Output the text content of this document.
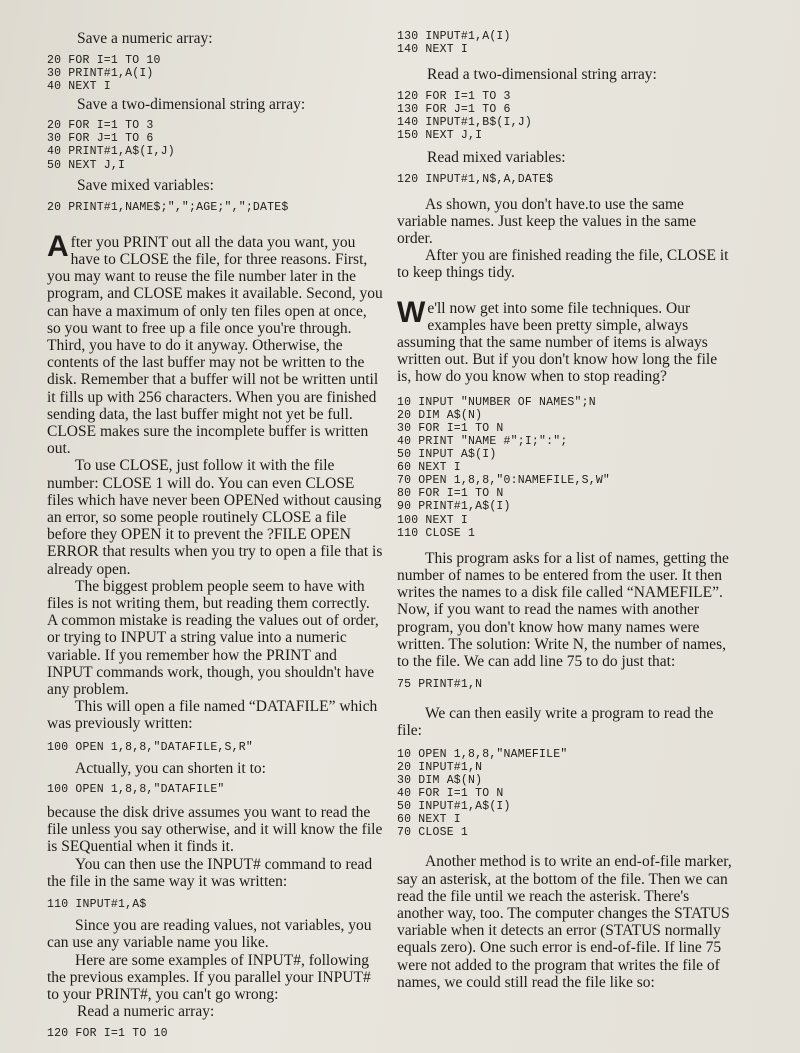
Save a numeric array:

20 FOR I=1 TO 10
30 PRINT#1,A(I)
40 NEXT I

Save a two-dimensional string array:

20 FOR I=1 TO 3
30 FOR J=1 TO 6
40 PRINT#1,A$(I,J)
50 NEXT J,I

Save mixed variables:

20 PRINT#1,NAME$;",";AGE;",";DATE$

After you PRINT out all the data you want, you have to CLOSE the file, for three reasons. First, you may want to reuse the file number later in the program, and CLOSE makes it available. Second, you can have a maximum of only ten files open at once, so you want to free up a file once you're through. Third, you have to do it anyway. Otherwise, the contents of the last buffer may not be written to the disk. Remember that a buffer will not be written until it fills up with 256 characters. When you are finished sending data, the last buffer might not yet be full. CLOSE makes sure the incomplete buffer is written out.

To use CLOSE, just follow it with the file number: CLOSE 1 will do. You can even CLOSE files which have never been OPENed without causing an error, so some people routinely CLOSE a file before they OPEN it to prevent the ?FILE OPEN ERROR that results when you try to open a file that is already open.

The biggest problem people seem to have with files is not writing them, but reading them correctly. A common mistake is reading the values out of order, or trying to INPUT a string value into a numeric variable. If you remember how the PRINT and INPUT commands work, though, you shouldn't have any problem.

This will open a file named “DATAFILE” which was previously written:

100 OPEN 1,8,8,"DATAFILE,S,R"

Actually, you can shorten it to:

100 OPEN 1,8,8,"DATAFILE"

because the disk drive assumes you want to read the file unless you say otherwise, and it will know the file is SEQuential when it finds it.

You can then use the INPUT# command to read the file in the same way it was written:

110 INPUT#1,A$

Since you are reading values, not variables, you can use any variable name you like.

Here are some examples of INPUT#, following the previous examples. If you parallel your INPUT# to your PRINT#, you can't go wrong:

Read a numeric array:

120 FOR I=1 TO 10
130 INPUT#1,A(I)
140 NEXT I

Read a two-dimensional string array:

120 FOR I=1 TO 3
130 FOR J=1 TO 6
140 INPUT#1,B$(I,J)
150 NEXT J,I

Read mixed variables:

120 INPUT#1,N$,A,DATE$

As shown, you don't have.to use the same variable names. Just keep the values in the same order.

After you are finished reading the file, CLOSE it to keep things tidy.

We'll now get into some file techniques. Our examples have been pretty simple, always assuming that the same number of items is always written out. But if you don't know how long the file is, how do you know when to stop reading?

10 INPUT "NUMBER OF NAMES";N
20 DIM A$(N)
30 FOR I=1 TO N
40 PRINT "NAME #";I;":";
50 INPUT A$(I)
60 NEXT I
70 OPEN 1,8,8,"0:NAMEFILE,S,W"
80 FOR I=1 TO N
90 PRINT#1,A$(I)
100 NEXT I
110 CLOSE 1

This program asks for a list of names, getting the number of names to be entered from the user. It then writes the names to a disk file called “NAMEFILE”. Now, if you want to read the names with another program, you don't know how many names were written. The solution: Write N, the number of names, to the file. We can add line 75 to do just that:

75 PRINT#1,N

We can then easily write a program to read the file:

10 OPEN 1,8,8,"NAMEFILE"
20 INPUT#1,N
30 DIM A$(N)
40 FOR I=1 TO N
50 INPUT#1,A$(I)
60 NEXT I
70 CLOSE 1

Another method is to write an end-of-file marker, say an asterisk, at the bottom of the file. Then we can read the file until we reach the asterisk. There's another way, too. The computer changes the STATUS variable when it detects an error (STATUS normally equals zero). One such error is end-of-file. If line 75 were not added to the program that writes the file of names, we could still read the file like so:
